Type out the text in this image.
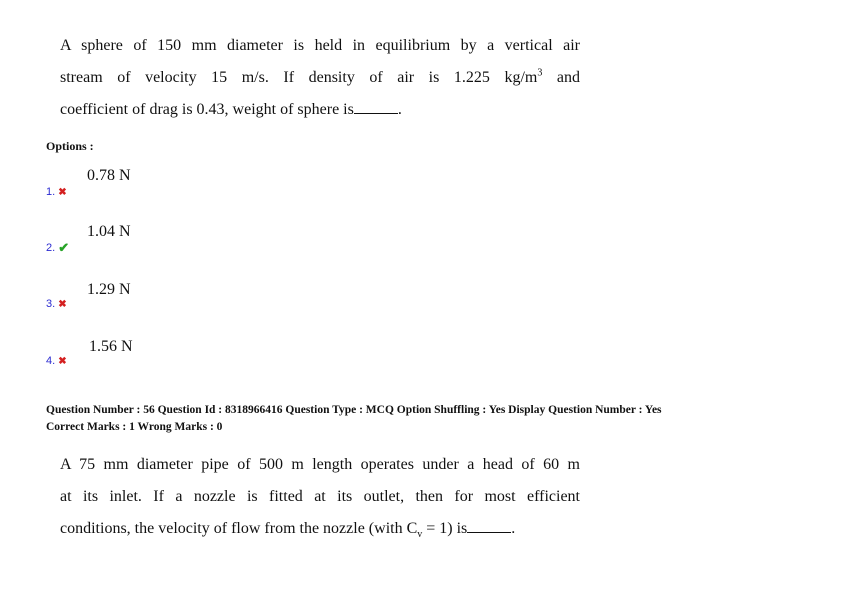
A sphere of 150 mm diameter is held in equilibrium by a vertical air
stream of velocity 15 m/s. If density of air is 1.225 $kg/m^3$ and
coefficient of drag is 0.43, weight of sphere is	.
Options :
0.78 N
1. ✖
1.04 N
2. ✔
1.29 N
3. ✖
1.56 N
4. ✖
Question Number : 56 Question Id : 8318966416 Question Type : MCQ Option Shuffling : Yes Display Question Number : Yes
Correct Marks : 1 Wrong Marks : 0
A 75 mm diameter pipe of 500 m length operates under a head of 60 m
at its inlet. If a nozzle is fitted at its outlet, then for most efficient
conditions, the velocity of flow from the nozzle (with $C_v = 1$) is	.
